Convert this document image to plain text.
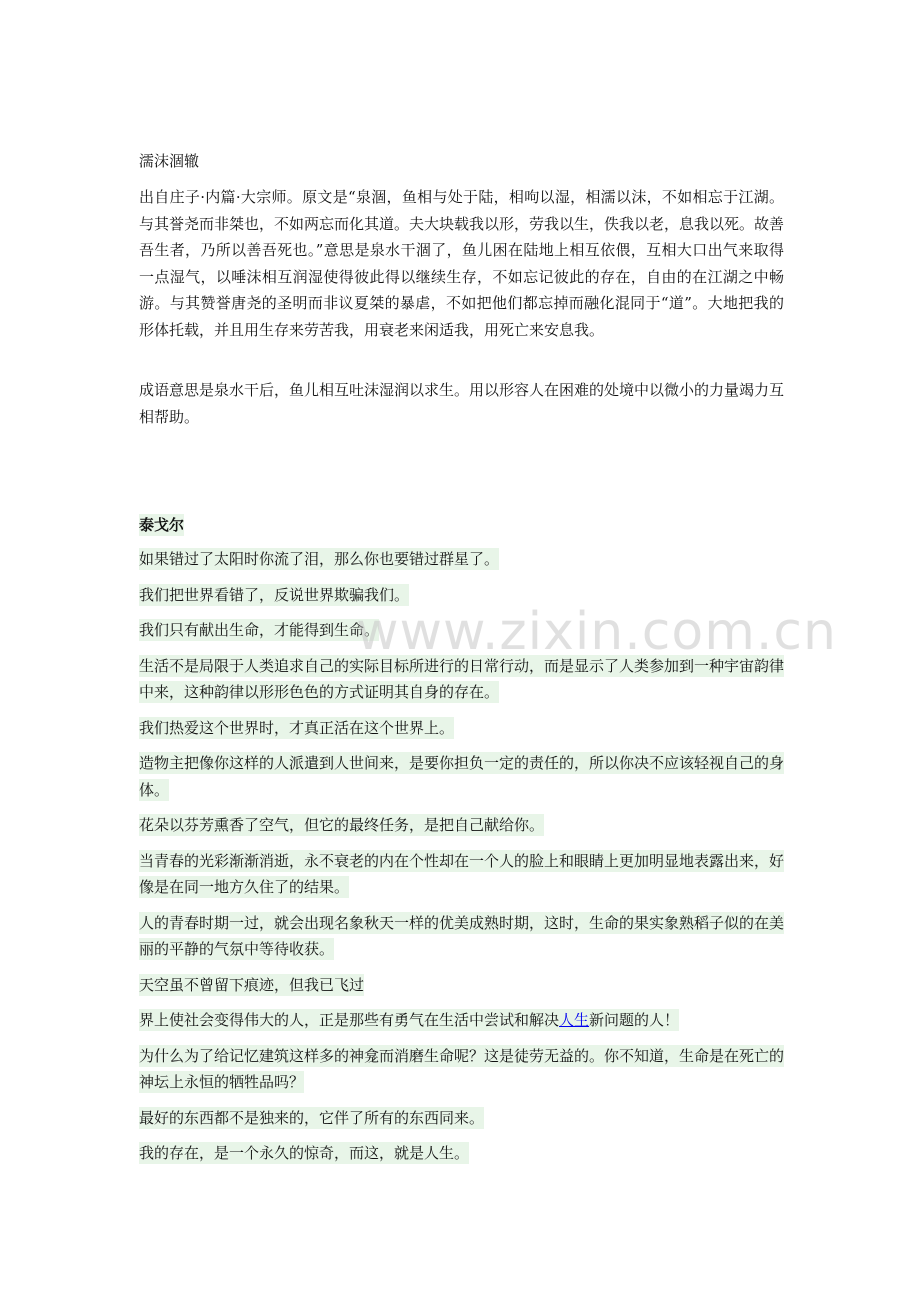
濡沫涸辙

出自庄子·内篇·大宗师。原文是“泉涸，鱼相与处于陆，相呴以湿，相濡以沫，不如相忘于江湖。与其誉尧而非桀也，不如两忘而化其道。夫大块载我以形，劳我以生，佚我以老，息我以死。故善吾生者，乃所以善吾死也。”意思是泉水干涸了，鱼儿困在陆地上相互依偎，互相大口出气来取得一点湿气，以唾沫相互润湿使得彼此得以继续生存，不如忘记彼此的存在，自由的在江湖之中畅游。与其赞誉唐尧的圣明而非议夏桀的暴虐，不如把他们都忘掉而融化混同于“道”。大地把我的形体托载，并且用生存来劳苦我，用衰老来闲适我，用死亡来安息我。

成语意思是泉水干后，鱼儿相互吐沫湿润以求生。用以形容人在困难的处境中以微小的力量竭力互相帮助。

泰戈尔

如果错过了太阳时你流了泪，那么你也要错过群星了。

我们把世界看错了，反说世界欺骗我们。

我们只有献出生命，才能得到生命。

生活不是局限于人类追求自己的实际目标所进行的日常行动，而是显示了人类参加到一种宇宙韵律中来，这种韵律以形形色色的方式证明其自身的存在。

我们热爱这个世界时，才真正活在这个世界上。

造物主把像你这样的人派遣到人世间来，是要你担负一定的责任的，所以你决不应该轻视自己的身体。

花朵以芬芳熏香了空气，但它的最终任务，是把自己献给你。

当青春的光彩渐渐消逝，永不衰老的内在个性却在一个人的脸上和眼睛上更加明显地表露出来，好像是在同一地方久住了的结果。

人的青春时期一过，就会出现名象秋天一样的优美成熟时期，这时，生命的果实象熟稻子似的在美丽的平静的气氛中等待收获。

天空虽不曾留下痕迹，但我已飞过

界上使社会变得伟大的人，正是那些有勇气在生活中尝试和解决人生新问题的人！

为什么为了给记忆建筑这样多的神龛而消磨生命呢？这是徒劳无益的。你不知道，生命是在死亡的神坛上永恒的牺牲品吗？

最好的东西都不是独来的，它伴了所有的东西同来。

我的存在，是一个永久的惊奇，而这，就是人生。

www.zixin.com.cn
